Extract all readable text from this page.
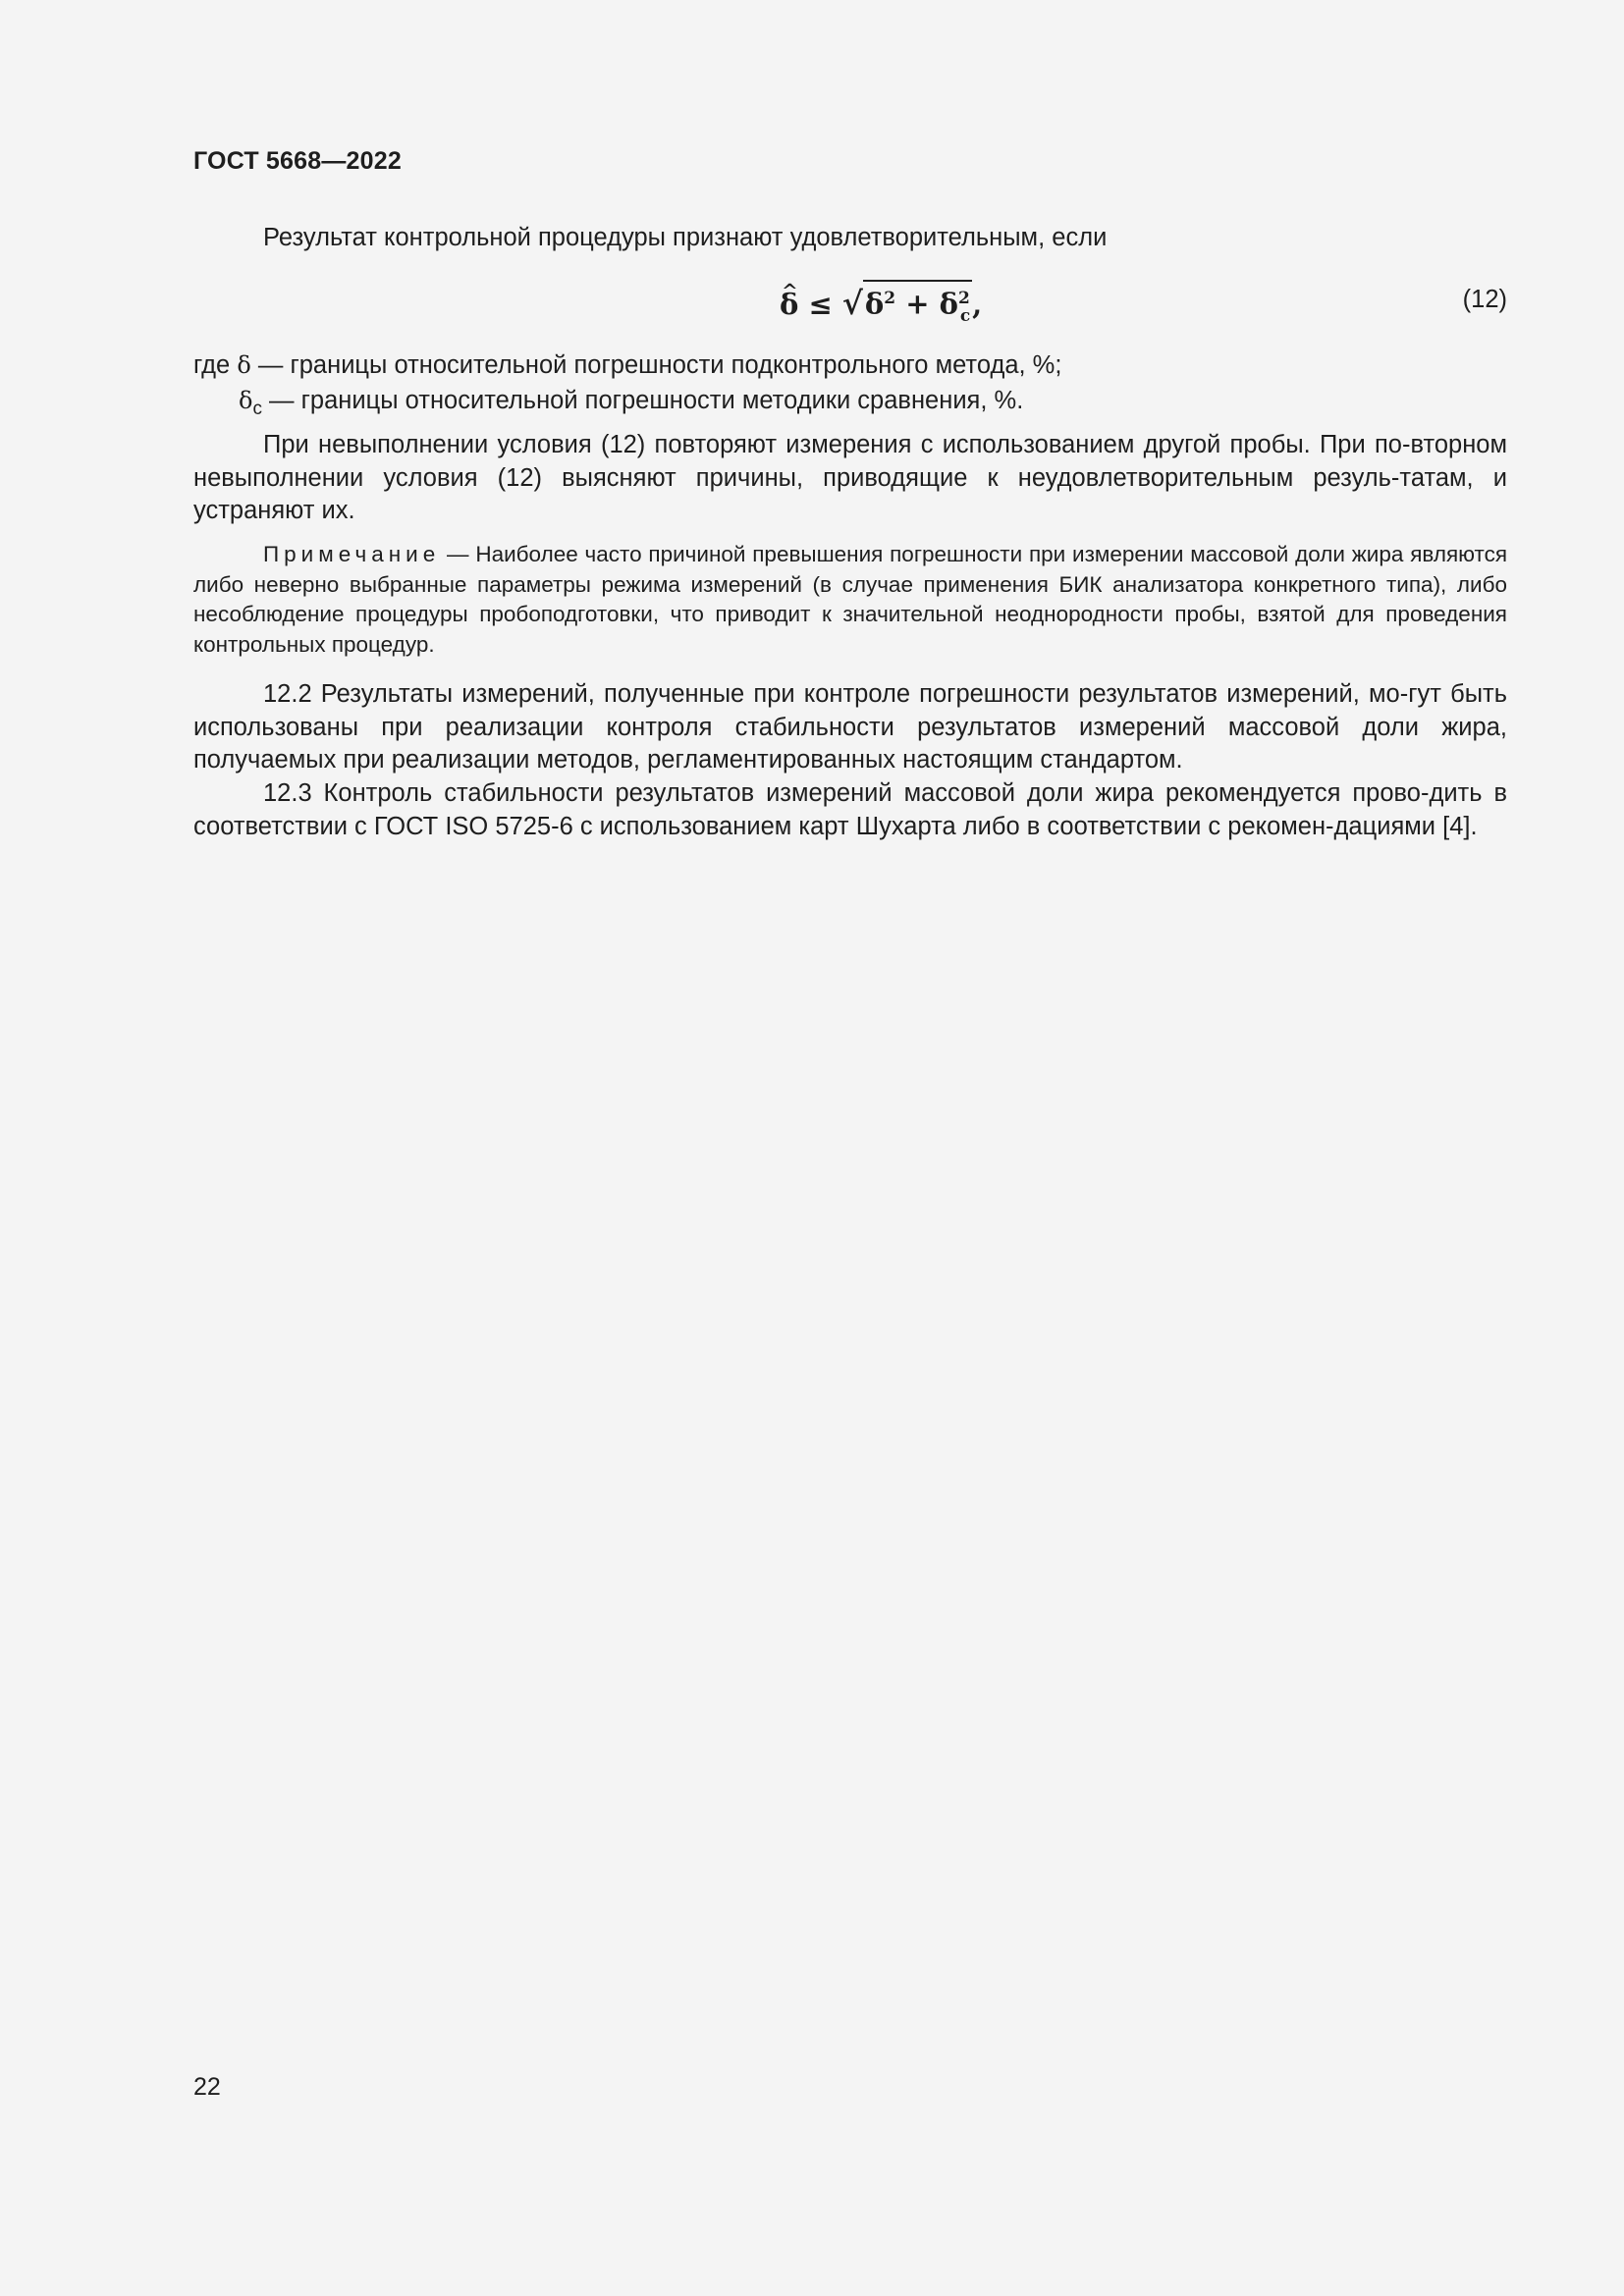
ГОСТ 5668—2022

Результат контрольной процедуры признают удовлетворительным, если

^ $\delta \le √\delta^2 + \delta^2_с$,	(12)
где δ — границы относительной погрешности подконтрольного метода, %;
$\delta_c$ — границы относительной погрешности методики сравнения, %.

При невыполнении условия (12) повторяют измерения с использованием другой пробы. При по-вторном невыполнении условия (12) выясняют причины, приводящие к неудовлетворительным резуль-татам, и устраняют их.

Примечание — Наиболее часто причиной превышения погрешности при измерении массовой доли жира являются либо неверно выбранные параметры режима измерений (в случае применения БИК анализатора конкретного типа), либо несоблюдение процедуры пробоподготовки, что приводит к значительной неоднородности пробы, взятой для проведения контрольных процедур.

12.2 Результаты измерений, полученные при контроле погрешности результатов измерений, мо-гут быть использованы при реализации контроля стабильности результатов измерений массовой доли жира, получаемых при реализации методов, регламентированных настоящим стандартом.

12.3 Контроль стабильности результатов измерений массовой доли жира рекомендуется прово-дить в соответствии с ГОСТ ISO 5725-6 с использованием карт Шухарта либо в соответствии с рекомен-дациями [4].

22
